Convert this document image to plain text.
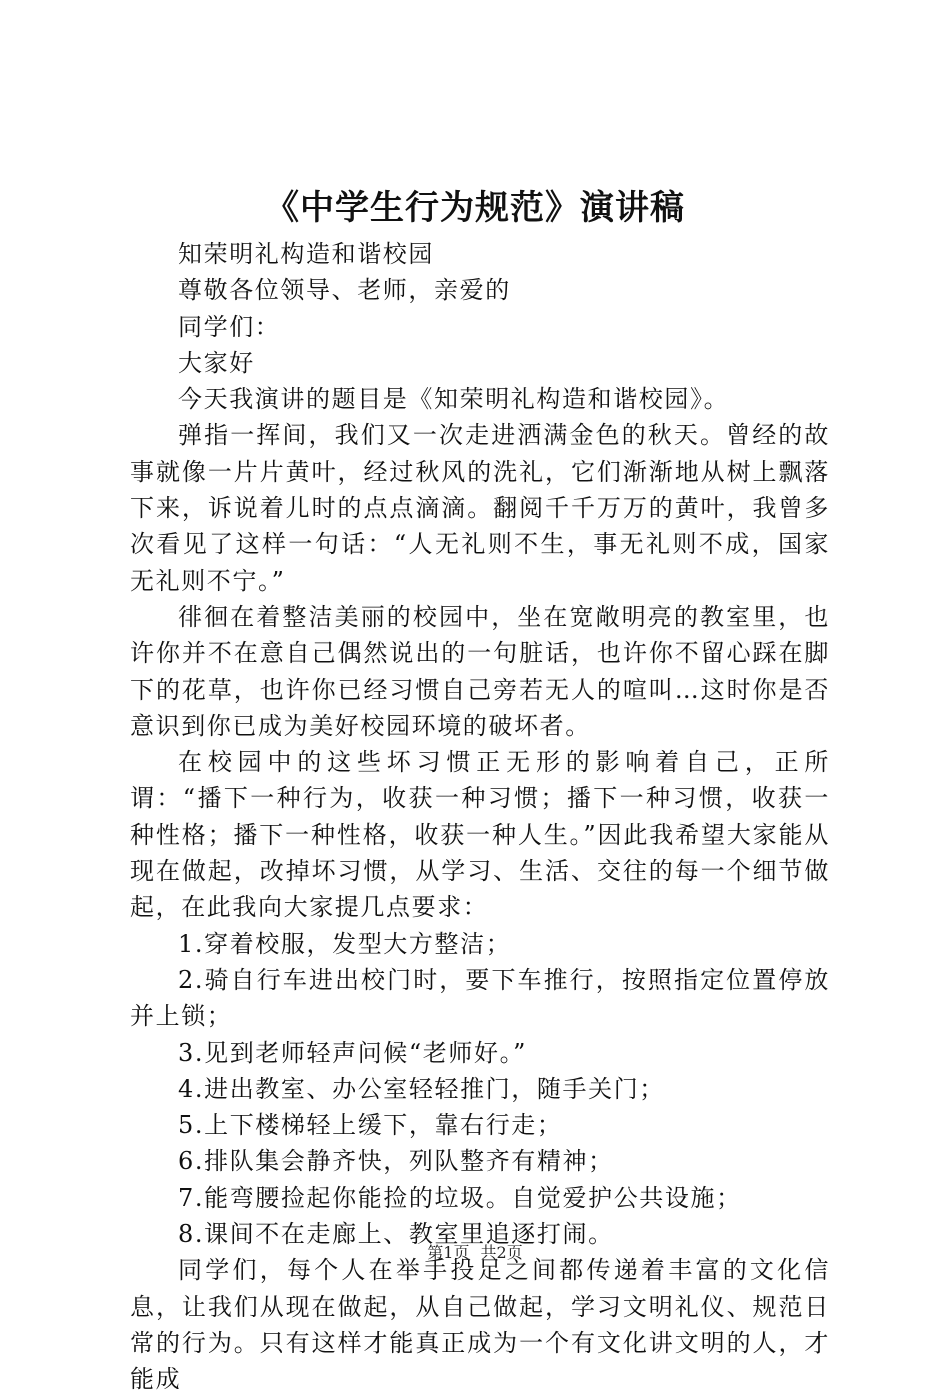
《中学生行为规范》演讲稿

知荣明礼构造和谐校园

尊敬各位领导、老师，亲爱的

同学们：

大家好

今天我演讲的题目是《知荣明礼构造和谐校园》。

弹指一挥间，我们又一次走进洒满金色的秋天。曾经的故事就像一片片黄叶，经过秋风的洗礼，它们渐渐地从树上飘落下来，诉说着儿时的点点滴滴。翻阅千千万万的黄叶，我曾多次看见了这样一句话：“人无礼则不生，事无礼则不成，国家无礼则不宁。”

徘徊在着整洁美丽的校园中，坐在宽敞明亮的教室里，也许你并不在意自己偶然说出的一句脏话，也许你不留心踩在脚下的花草，也许你已经习惯自己旁若无人的喧叫…这时你是否意识到你已成为美好校园环境的破坏者。

在校园中的这些坏习惯正无形的影响着自己，正所谓：“播下一种行为，收获一种习惯；播下一种习惯，收获一种性格；播下一种性格，收获一种人生。”因此我希望大家能从现在做起，改掉坏习惯，从学习、生活、交往的每一个细节做起，在此我向大家提几点要求：

1.穿着校服，发型大方整洁；

2.骑自行车进出校门时，要下车推行，按照指定位置停放并上锁；

3.见到老师轻声问候“老师好。”

4.进出教室、办公室轻轻推门，随手关门；

5.上下楼梯轻上缓下，靠右行走；

6.排队集会静齐快，列队整齐有精神；

7.能弯腰捡起你能捡的垃圾。自觉爱护公共设施；

8.课间不在走廊上、教室里追逐打闹。

同学们，每个人在举手投足之间都传递着丰富的文化信息，让我们从现在做起，从自己做起，学习文明礼仪、规范日常的行为。只有这样才能真正成为一个有文化讲文明的人，才能成

第1页 共2页
